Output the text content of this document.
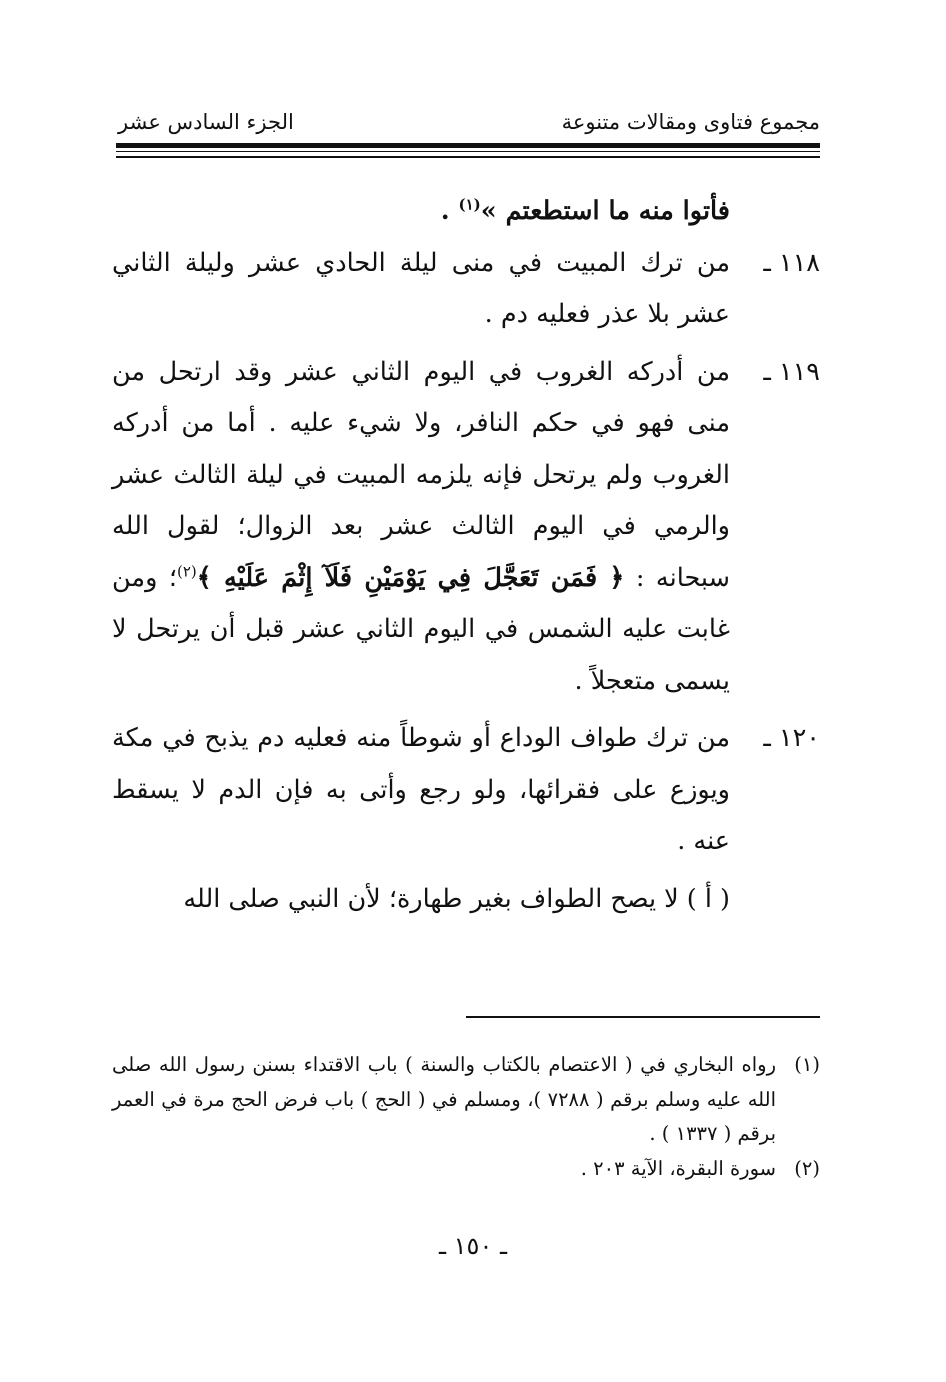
الجزء السادس عشر	مجموع فتاوى ومقالات متنوعة

فأتوا منه ما استطعتم »$^{(١)}$ .

١١٨ ـ
من ترك المبيت في منى ليلة الحادي عشر وليلة الثاني عشر بلا عذر فعليه دم .
١١٩ ـ
من أدركه الغروب في اليوم الثاني عشر وقد ارتحل من منى فهو في حكم النافر، ولا شيء عليه . أما من أدركه الغروب ولم يرتحل فإنه يلزمه المبيت في ليلة الثالث عشر والرمي في اليوم الثالث عشر بعد الزوال؛ لقول الله سبحانه : ﴿ فَمَن تَعَجَّلَ فِي يَوْمَيْنِ فَلَآ إِثْمَ عَلَيْهِ ﴾$^{(٢)}$؛ ومن غابت عليه الشمس في اليوم الثاني عشر قبل أن يرتحل لا يسمى متعجلاً .
١٢٠ ـ
من ترك طواف الوداع أو شوطاً منه فعليه دم يذبح في مكة ويوزع على فقرائها، ولو رجع وأتى به فإن الدم لا يسقط عنه .

( أ ) لا يصح الطواف بغير طهارة؛ لأن النبي صلى الله

(١)
رواه البخاري في ( الاعتصام بالكتاب والسنة ) باب الاقتداء بسنن رسول الله صلى الله عليه وسلم برقم ( ٧٢٨٨ )، ومسلم في ( الحج ) باب فرض الحج مرة في العمر برقم ( ١٣٣٧ ) .
(٢)
سورة البقرة، الآية ٢٠٣ .
ـ ١٥٠ ـ
